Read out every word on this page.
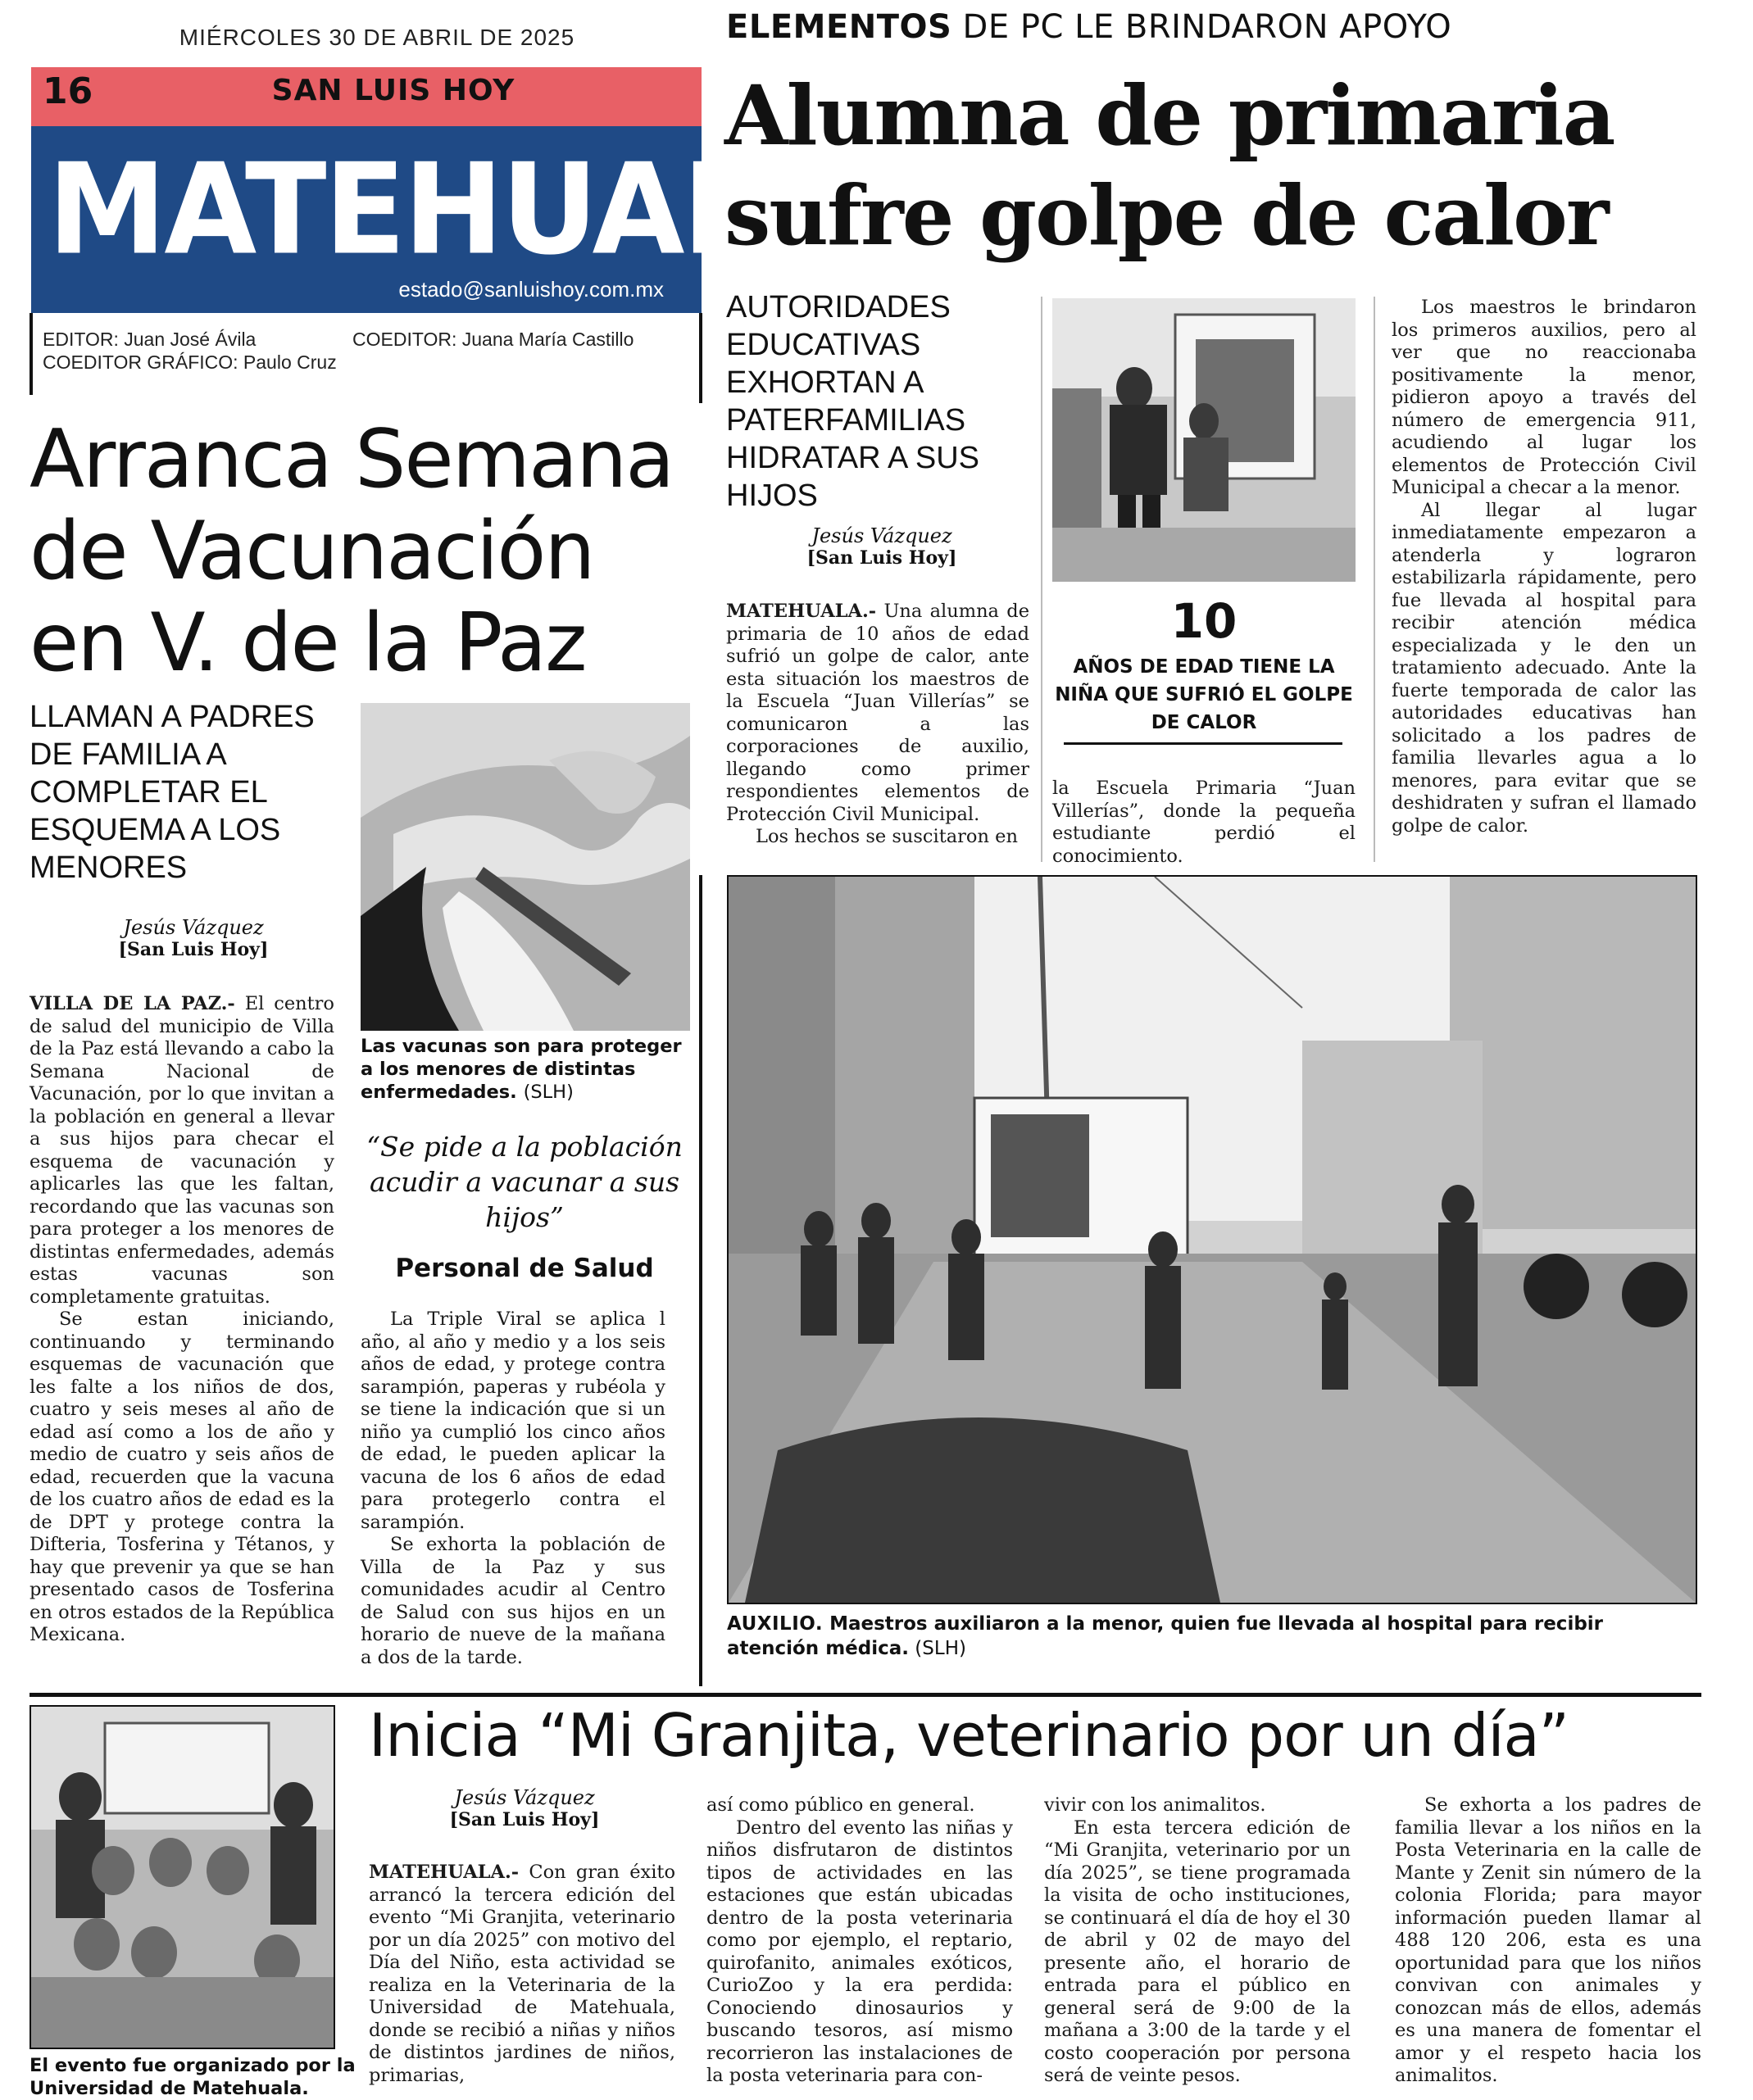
MIÉRCOLES 30 DE ABRIL DE 2025
16	SAN LUIS HOY
MATEHUALA
estado@sanluishoy.com.mx
EDITOR: Juan José Ávila
COEDITOR GRÁFICO: Paulo Cruz
COEDITOR: Juana María Castillo
Arranca Semana de Vacunación en V. de la Paz
LLAMAN A PADRES DE FAMILIA A COMPLETAR EL ESQUEMA A LOS MENORES
Jesús Vázquez
[San Luis Hoy]

VILLA DE LA PAZ.- El centro de salud del municipio de Villa de la Paz está llevando a cabo la Semana Nacional de Vacunación, por lo que invitan a la población en general a llevar a sus hijos para checar el esquema de vacunación y aplicarles las que les faltan, recordando que las vacunas son para proteger a los menores de distintas enfermedades, además estas vacunas son completamente gratuitas.

Se estan iniciando, continuando y terminando esquemas de vacunación que les falte a los niños de dos, cuatro y seis meses al año de edad así como a los de año y medio de cuatro y seis años de edad, recuerden que la vacuna de los cuatro años de edad es la de DPT y protege contra la Difteria, Tosferina y Tétanos, y hay que prevenir ya que se han presentado casos de Tosferina en otros estados de la República Mexicana.

Las vacunas son para proteger a los menores de distintas enfermedades. (SLH)
“Se pide a la población acudir a vacunar a sus hijos”
Personal de Salud

La Triple Viral se aplica l año, al año y medio y a los seis años de edad, y protege contra sarampión, paperas y rubéola y se tiene la indicación que si un niño ya cumplió los cinco años de edad, le pueden aplicar la vacuna de los 6 años de edad para protegerlo contra el sarampión.

Se exhorta la población de Villa de la Paz y sus comunidades acudir al Centro de Salud con sus hijos en un horario de nueve de la mañana a dos de la tarde.

ELEMENTOS DE PC LE BRINDARON APOYO
Alumna de primaria sufre golpe de calor
AUTORIDADES EDUCATIVAS EXHORTAN A PATERFAMILIAS HIDRATAR A SUS HIJOS
Jesús Vázquez
[San Luis Hoy]

MATEHUALA.- Una alumna de primaria de 10 años de edad sufrió un golpe de calor, ante esta situación los maestros de la Escuela “Juan Villerías” se comunicaron a las corporaciones de auxilio, llegando como primer respondientes elementos de Protección Civil Municipal.

Los hechos se suscitaron en

10
AÑOS DE EDAD TIENE LA NIÑA QUE SUFRIÓ EL GOLPE DE CALOR

la Escuela Primaria “Juan Villerías”, donde la pequeña estudiante perdió el conocimiento.

Los maestros le brindaron los primeros auxilios, pero al ver que no reaccionaba positivamente la menor, pidieron apoyo a través del número de emergencia 911, acudiendo al lugar los elementos de Protección Civil Municipal a checar a la menor.

Al llegar al lugar inmediatamente empezaron a atenderla y lograron estabilizarla rápidamente, pero fue llevada al hospital para recibir atención médica especializada y le den un tratamiento adecuado. Ante la fuerte temporada de calor las autoridades educativas han solicitado a los padres de familia llevarles agua a lo menores, para evitar que se deshidraten y sufran el llamado golpe de calor.

AUXILIO. Maestros auxiliaron a la menor, quien fue llevada al hospital para recibir atención médica. (SLH)
El evento fue organizado por la Universidad de Matehuala.
Inicia “Mi Granjita, veterinario por un día”
Jesús Vázquez
[San Luis Hoy]

MATEHUALA.- Con gran éxito arrancó la tercera edición del evento “Mi Granjita, veterinario por un día 2025” con motivo del Día del Niño, esta actividad se realiza en la Veterinaria de la Universidad de Matehuala, donde se recibió a niñas y niños de distintos jardines de niños, primarias,

así como público en general.

Dentro del evento las niñas y niños disfrutaron de distintos tipos de actividades en las estaciones que están ubicadas dentro de la posta veterinaria como por ejemplo, el reptario, quirofanito, animales exóticos, CurioZoo y la era perdida: Conociendo dinosaurios y buscando tesoros, así mismo recorrieron las instalaciones de la posta veterinaria para con-

vivir con los animalitos.

En esta tercera edición de “Mi Granjita, veterinario por un día 2025”, se tiene programada la visita de ocho instituciones, se continuará el día de hoy el 30 de abril y 02 de mayo del presente año, el horario de entrada para el público en general será de 9:00 de la mañana a 3:00 de la tarde y el costo cooperación por persona será de veinte pesos.

Se exhorta a los padres de familia llevar a los niños en la Posta Veterinaria en la calle de Mante y Zenit sin número de la colonia Florida; para mayor información pueden llamar al 488 120 206, esta es una oportunidad para que los niños convivan con animales y conozcan más de ellos, además es una manera de fomentar el amor y el respeto hacia los animalitos.
